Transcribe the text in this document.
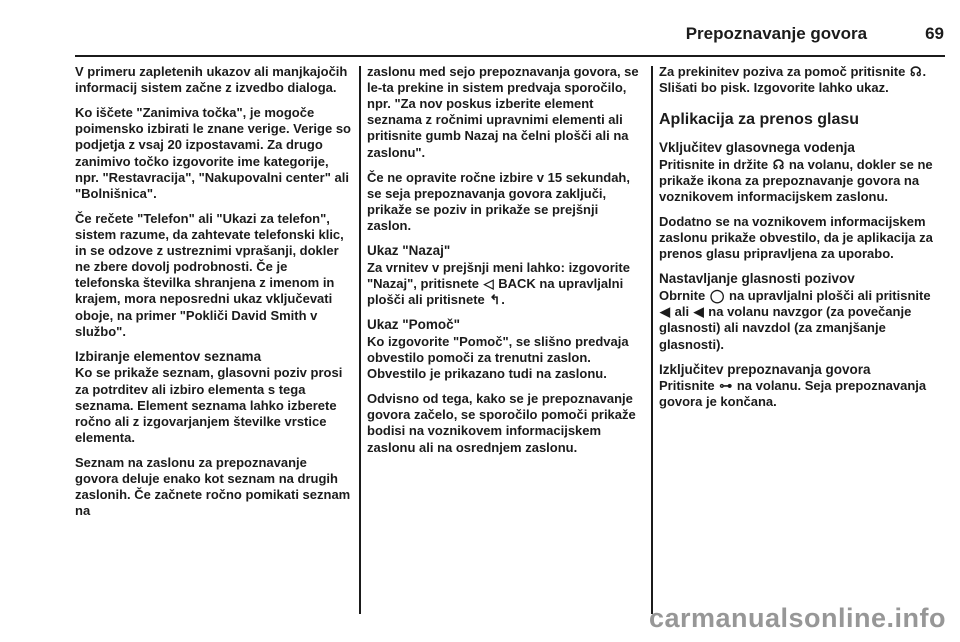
Prepoznavanje govora	69

V primeru zapletenih ukazov ali manjkajočih informacij sistem začne z izvedbo dialoga.

Ko iščete "Zanimiva točka", je mogoče poimensko izbirati le znane verige. Verige so podjetja z vsaj 20 izpostavami. Za drugo zanimivo točko izgovorite ime kategorije, npr. "Restavracija", "Nakupovalni center" ali "Bolnišnica".

Če rečete "Telefon" ali "Ukazi za telefon", sistem razume, da zahtevate telefonski klic, in se odzove z ustreznimi vprašanji, dokler ne zbere dovolj podrobnosti. Če je telefonska številka shranjena z imenom in krajem, mora neposredni ukaz vključevati oboje, na primer "Pokliči David Smith v službo".

Izbiranje elementov seznama

Ko se prikaže seznam, glasovni poziv prosi za potrditev ali izbiro elementa s tega seznama. Element seznama lahko izberete ročno ali z izgovarjanjem številke vrstice elementa.

Seznam na zaslonu za prepoznavanje govora deluje enako kot seznam na drugih zaslonih. Če začnete ročno pomikati seznam na

zaslonu med sejo prepoznavanja govora, se le-ta prekine in sistem predvaja sporočilo, npr. "Za nov poskus izberite element seznama z ročnimi upravnimi elementi ali pritisnite gumb Nazaj na čelni plošči ali na zaslonu".

Če ne opravite ročne izbire v 15 sekundah, se seja prepoznavanja govora zaključi, prikaže se poziv in prikaže se prejšnji zaslon.

Ukaz "Nazaj"

Za vrnitev v prejšnji meni lahko: izgovorite "Nazaj", pritisnete ◁ BACK na upravljalni plošči ali pritisnete ↰.

Ukaz "Pomoč"

Ko izgovorite "Pomoč", se slišno predvaja obvestilo pomoči za trenutni zaslon. Obvestilo je prikazano tudi na zaslonu.

Odvisno od tega, kako se je prepoznavanje govora začelo, se sporočilo pomoči prikaže bodisi na voznikovem informacijskem zaslonu ali na osrednjem zaslonu.

Za prekinitev poziva za pomoč pritisnite ☊. Slišati bo pisk. Izgovorite lahko ukaz.

Aplikacija za prenos glasu

Vključitev glasovnega vodenja

Pritisnite in držite ☊ na volanu, dokler se ne prikaže ikona za prepoznavanje govora na voznikovem informacijskem zaslonu.

Dodatno se na voznikovem informacijskem zaslonu prikaže obvestilo, da je aplikacija za prenos glasu pripravljena za uporabo.

Nastavljanje glasnosti pozivov

Obrnite ◯ na upravljalni plošči ali pritisnite ◀ ali ◀ na volanu navzgor (za povečanje glasnosti) ali navzdol (za zmanjšanje glasnosti).

Izključitev prepoznavanja govora

Pritisnite ⊶ na volanu. Seja prepoznavanja govora je končana.

carmanualsonline.info
